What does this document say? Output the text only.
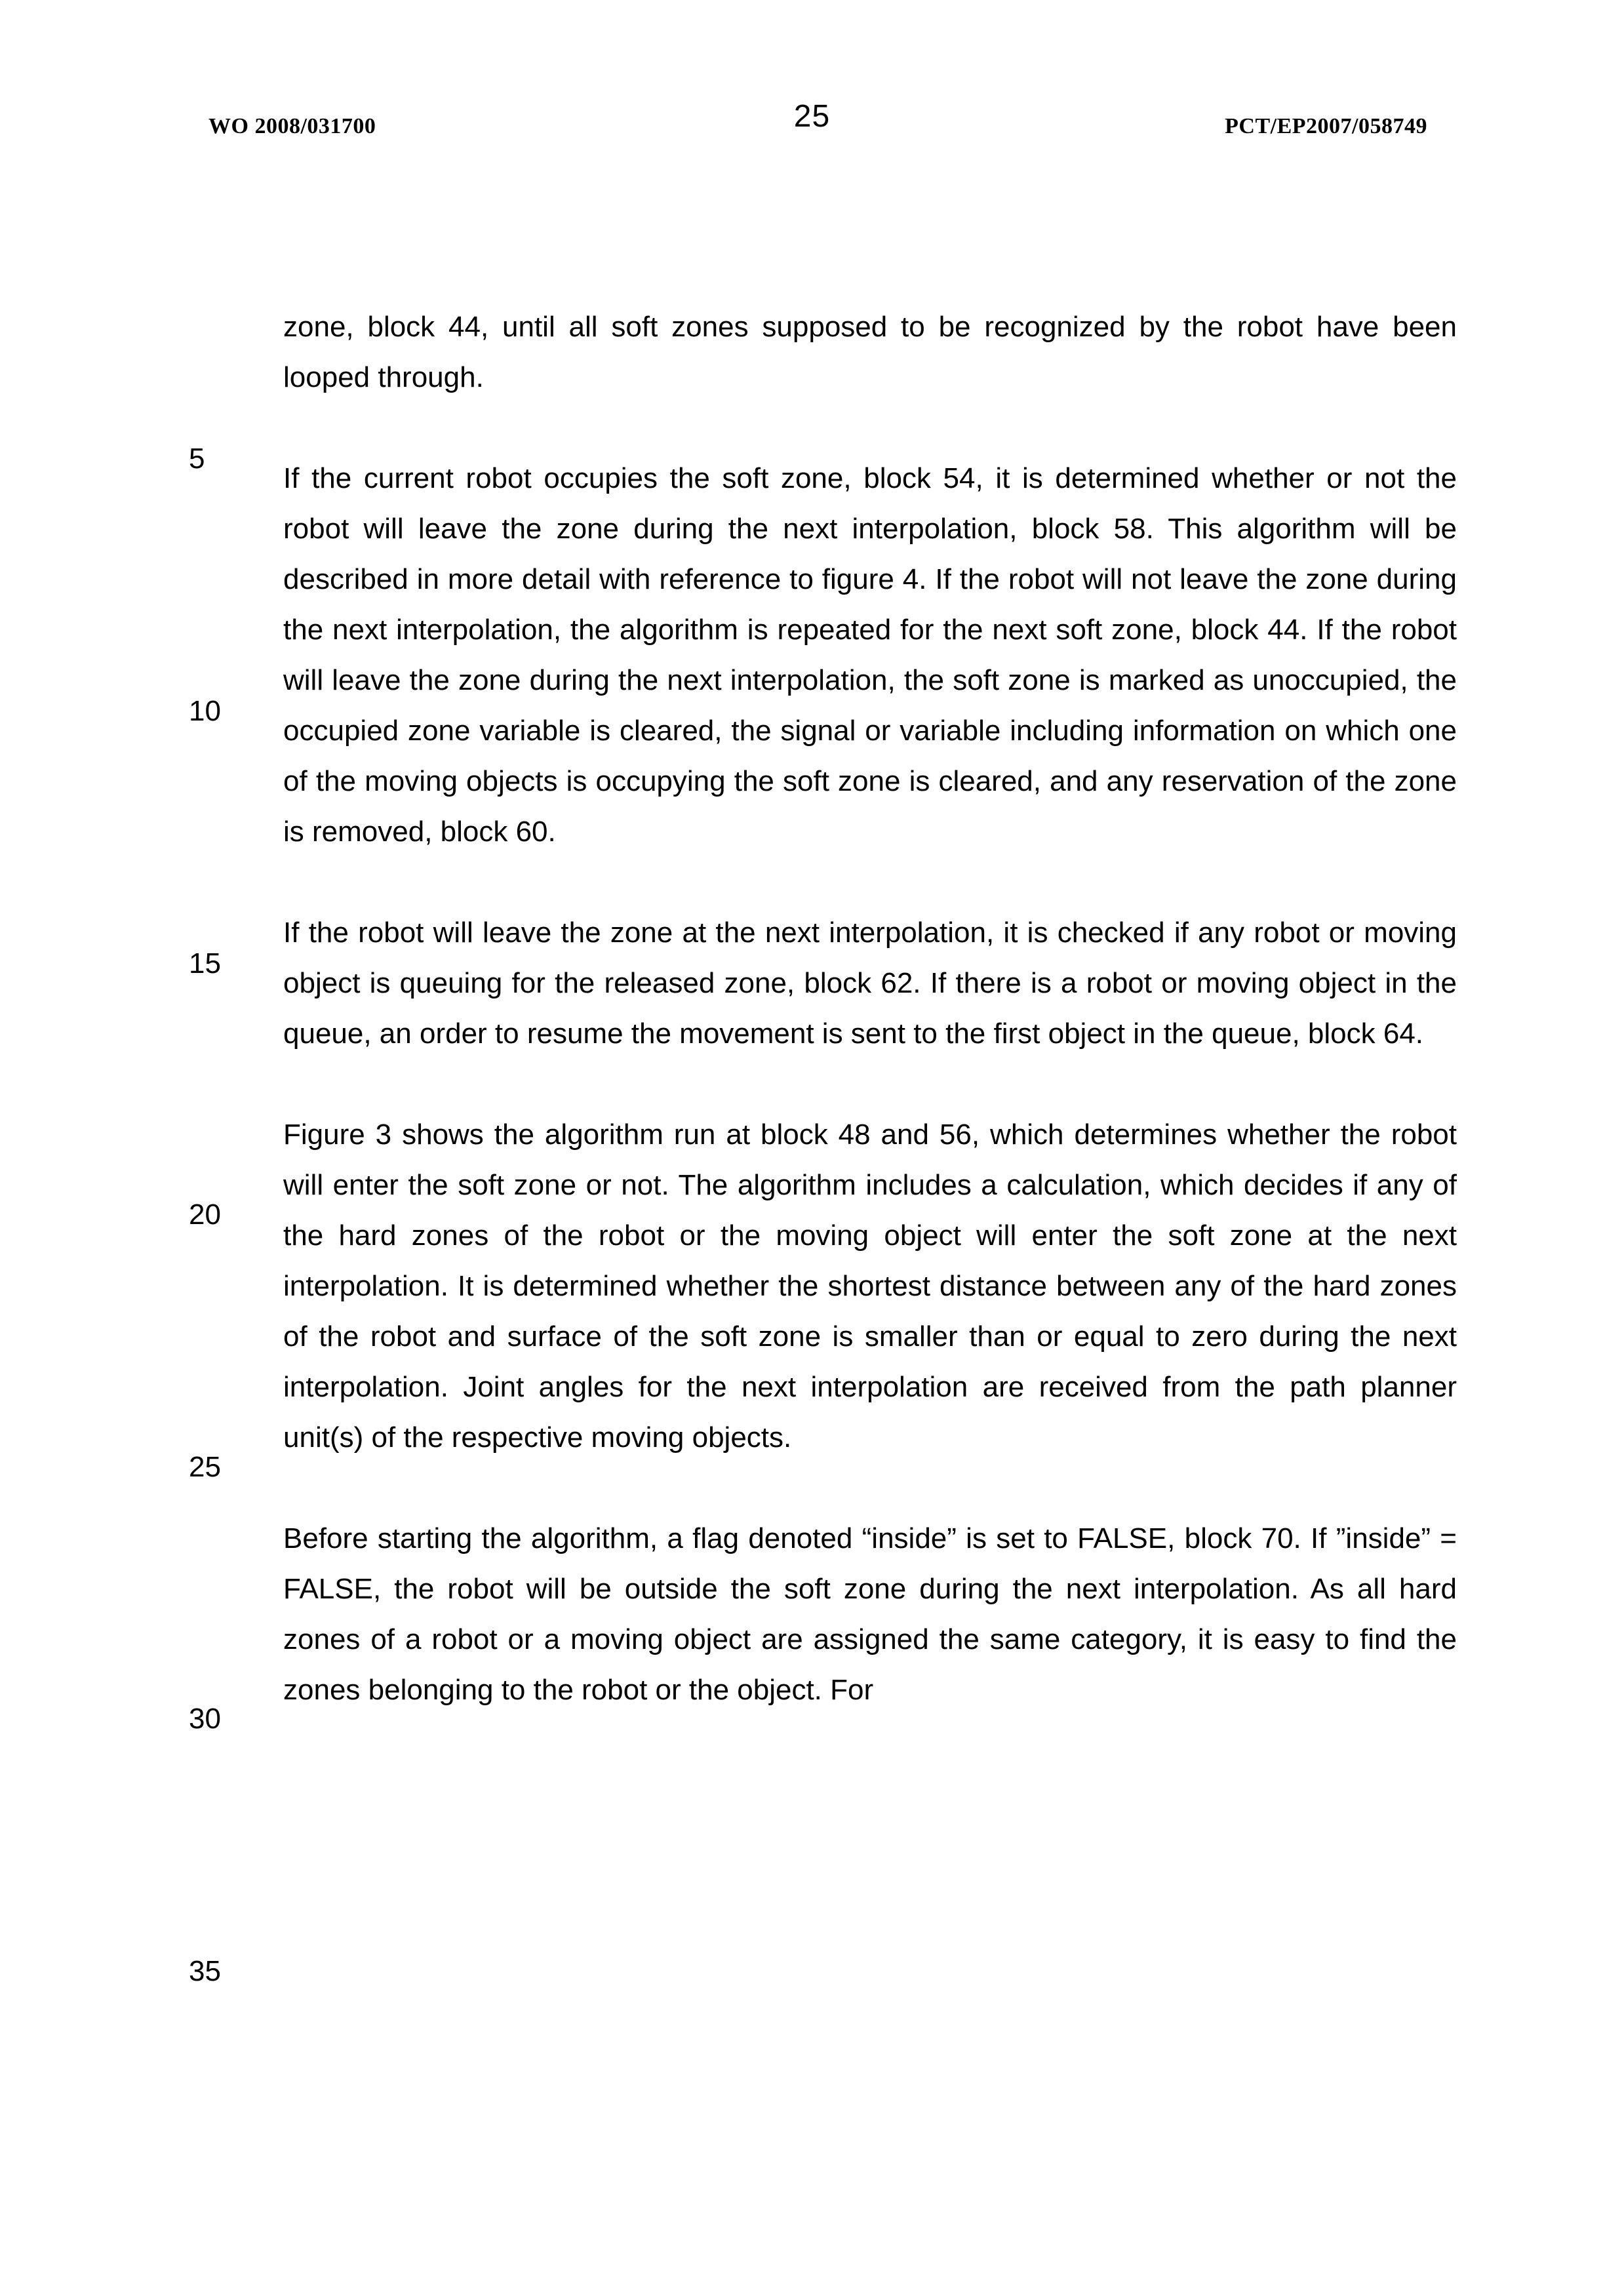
WO 2008/031700	25	PCT/EP2007/058749
5
10
15
20
25
30
35

zone, block 44, until all soft zones supposed to be recognized by the robot have been looped through.

If the current robot occupies the soft zone, block 54, it is determined whether or not the robot will leave the zone during the next interpolation, block 58. This algorithm will be described in more detail with reference to figure 4. If the robot will not leave the zone during the next interpolation, the algorithm is repeated for the next soft zone, block 44. If the robot will leave the zone during the next interpolation, the soft zone is marked as unoccupied, the occupied zone variable is cleared, the signal or variable including information on which one of the moving objects is occupying the soft zone is cleared, and any reservation of the zone is removed, block 60.

If the robot will leave the zone at the next interpolation, it is checked if any robot or moving object is queuing for the released zone, block 62. If there is a robot or moving object in the queue, an order to resume the movement is sent to the first object in the queue, block 64.

Figure 3 shows the algorithm run at block 48 and 56, which determines whether the robot will enter the soft zone or not. The algorithm includes a calculation, which decides if any of the hard zones of the robot or the moving object will enter the soft zone at the next interpolation. It is determined whether the shortest distance between any of the hard zones of the robot and surface of the soft zone is smaller than or equal to zero during the next interpolation. Joint angles for the next interpolation are received from the path planner unit(s) of the respective moving objects.

Before starting the algorithm, a flag denoted “inside” is set to FALSE, block 70. If ”inside” = FALSE, the robot will be outside the soft zone during the next interpolation. As all hard zones of a robot or a moving object are assigned the same category, it is easy to find the zones belonging to the robot or the object. For
